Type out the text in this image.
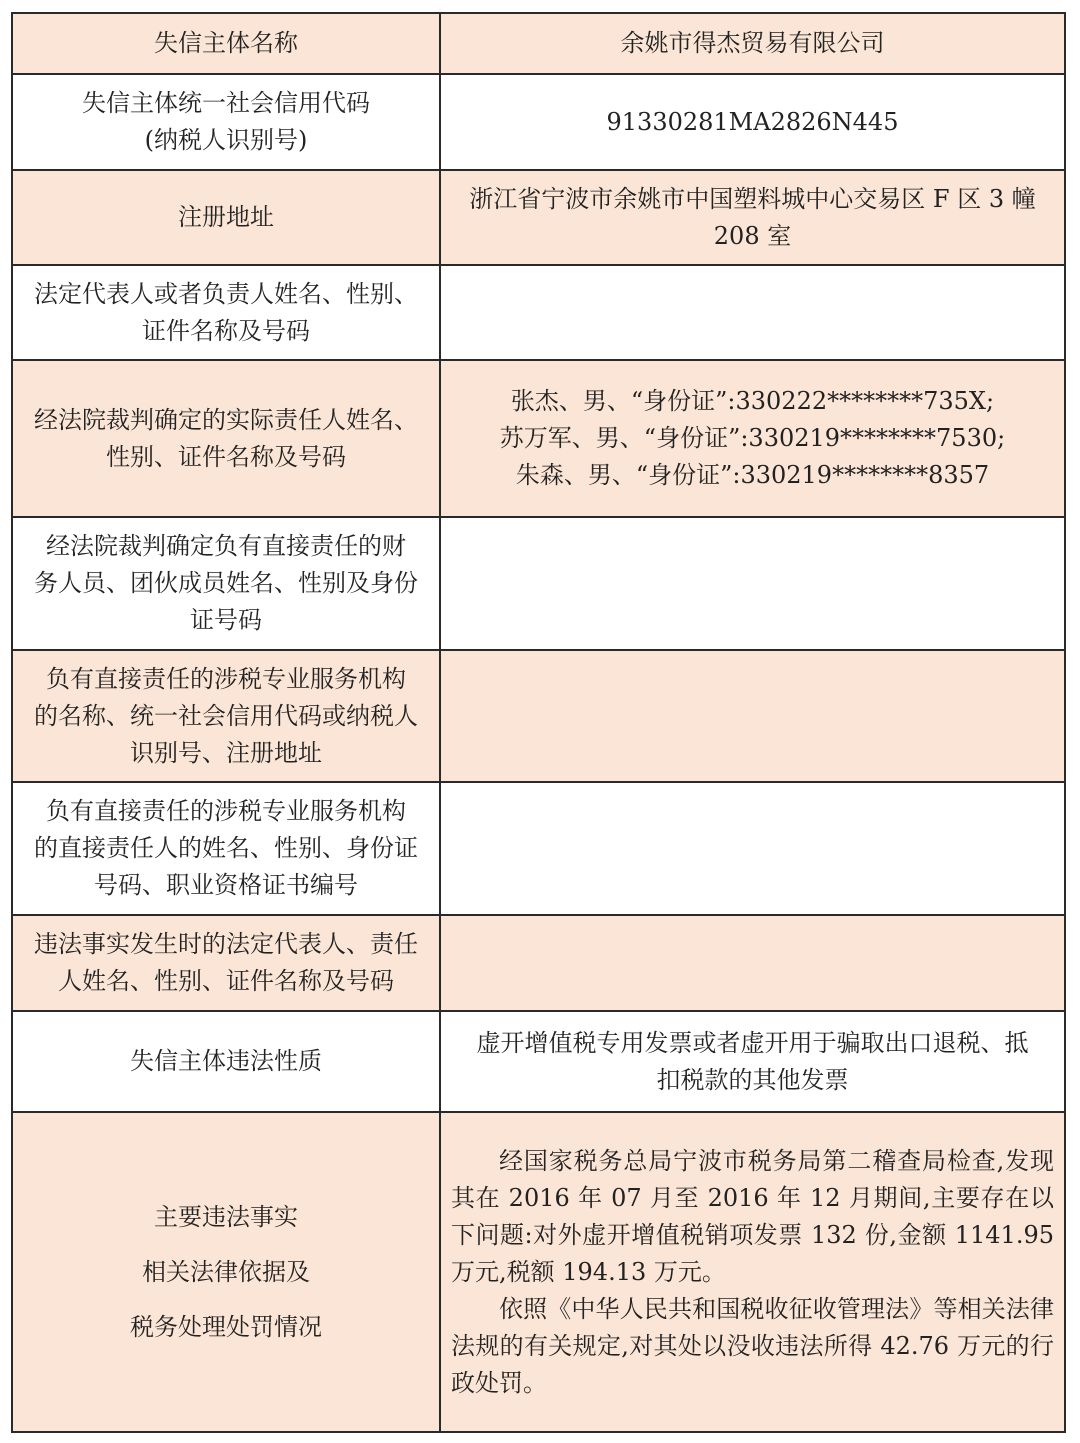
失信主体名称	余姚市得杰贸易有限公司

失信主体统一社会信用代码
(纳税人识别号)	91330281MA2826N445

注册地址	浙江省宁波市余姚市中国塑料城中心交易区 F 区 3 幢
208 室

法定代表人或者负责人姓名、性别、
证件名称及号码	

经法院裁判确定的实际责任人姓名、
性别、证件名称及号码	张杰、男、“身份证”:330222********735X;
苏万军、男、“身份证”:330219********7530;
朱森、男、“身份证”:330219********8357

经法院裁判确定负有直接责任的财
务人员、团伙成员姓名、性别及身份
证号码	

负有直接责任的涉税专业服务机构
的名称、统一社会信用代码或纳税人
识别号、注册地址	

负有直接责任的涉税专业服务机构
的直接责任人的姓名、性别、身份证
号码、职业资格证书编号	

违法事实发生时的法定代表人、责任
人姓名、性别、证件名称及号码	

失信主体违法性质	虚开增值税专用发票或者虚开用于骗取出口退税、抵
扣税款的其他发票

主要违法事实
相关法律依据及
税务处理处罚情况	经国家税务总局宁波市税务局第二稽查局检查,发现其在 2016 年 07 月至 2016 年 12 月期间,主要存在以下问题:对外虚开增值税销项发票 132 份,金额 1141.95 万元,税额 194.13 万元。
依照《中华人民共和国税收征收管理法》等相关法律法规的有关规定,对其处以没收违法所得 42.76 万元的行政处罚。
